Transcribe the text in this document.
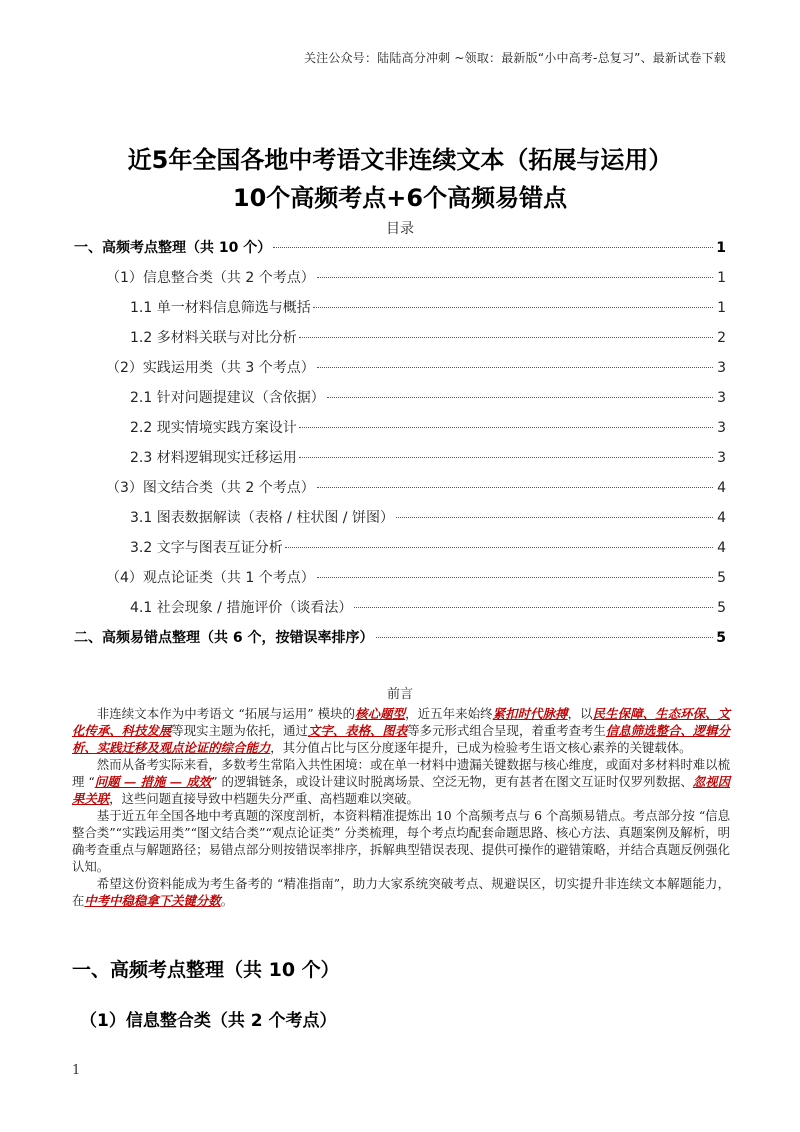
关注公众号：陆陆高分冲刺 ~领取：最新版“小中高考-总复习”、最新试卷下载
近5年全国各地中考语文非连续文本（拓展与运用）
10个高频考点+6个高频易错点
目录
一、高频考点整理（共 10 个）	1
（1）信息整合类（共 2 个考点）	1
1.1 单一材料信息筛选与概括	1
1.2 多材料关联与对比分析	2
（2）实践运用类（共 3 个考点）	3
2.1 针对问题提建议（含依据）	3
2.2 现实情境实践方案设计	3
2.3 材料逻辑现实迁移运用	3
（3）图文结合类（共 2 个考点）	4
3.1 图表数据解读（表格 / 柱状图 / 饼图）	4
3.2 文字与图表互证分析	4
（4）观点论证类（共 1 个考点）	5
4.1 社会现象 / 措施评价（谈看法）	5
二、高频易错点整理（共 6 个，按错误率排序）	5
前言

非连续文本作为中考语文 “拓展与运用” 模块的核心题型，近五年来始终紧扣时代脉搏，以民生保障、生态环保、文化传承、科技发展等现实主题为依托，通过文字、表格、图表等多元形式组合呈现，着重考查考生信息筛选整合、逻辑分析、实践迁移及观点论证的综合能力，其分值占比与区分度逐年提升，已成为检验考生语文核心素养的关键载体。

然而从备考实际来看，多数考生常陷入共性困境：或在单一材料中遗漏关键数据与核心维度，或面对多材料时难以梳理 “问题 — 措施 — 成效” 的逻辑链条，或设计建议时脱离场景、空泛无物，更有甚者在图文互证时仅罗列数据、忽视因果关联，这些问题直接导致中档题失分严重、高档题难以突破。

基于近五年全国各地中考真题的深度剖析，本资料精准提炼出 10 个高频考点与 6 个高频易错点。考点部分按 “信息整合类”“实践运用类”“图文结合类”“观点论证类” 分类梳理，每个考点均配套命题思路、核心方法、真题案例及解析，明确考查重点与解题路径；易错点部分则按错误率排序，拆解典型错误表现、提供可操作的避错策略，并结合真题反例强化认知。

希望这份资料能成为考生备考的 “精准指南”，助力大家系统突破考点、规避误区，切实提升非连续文本解题能力，在中考中稳稳拿下关键分数。

一、高频考点整理（共 10 个）
（1）信息整合类（共 2 个考点）
1
